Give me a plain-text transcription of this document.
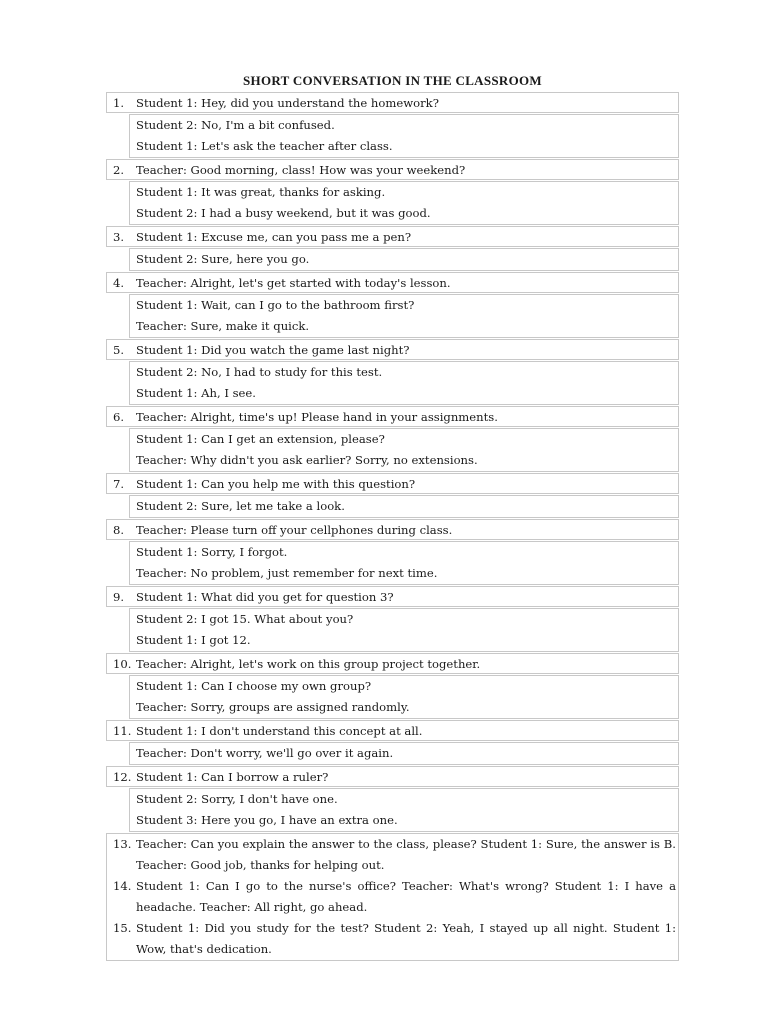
SHORT CONVERSATION IN THE CLASSROOM
1.	Student 1: Hey, did you understand the homework?
Student 2: No, I'm a bit confused.
Student 1: Let's ask the teacher after class.
2.	Teacher: Good morning, class! How was your weekend?
Student 1: It was great, thanks for asking.
Student 2: I had a busy weekend, but it was good.
3.	Student 1: Excuse me, can you pass me a pen?
Student 2: Sure, here you go.
4.	Teacher: Alright, let's get started with today's lesson.
Student 1: Wait, can I go to the bathroom first?
Teacher: Sure, make it quick.
5.	Student 1: Did you watch the game last night?
Student 2: No, I had to study for this test.
Student 1: Ah, I see.
6.	Teacher: Alright, time's up! Please hand in your assignments.
Student 1: Can I get an extension, please?
Teacher: Why didn't you ask earlier? Sorry, no extensions.
7.	Student 1: Can you help me with this question?
Student 2: Sure, let me take a look.
8.	Teacher: Please turn off your cellphones during class.
Student 1: Sorry, I forgot.
Teacher: No problem, just remember for next time.
9.	Student 1: What did you get for question 3?
Student 2: I got 15. What about you?
Student 1: I got 12.
10. Teacher: Alright, let's work on this group project together.
Student 1: Can I choose my own group?
Teacher: Sorry, groups are assigned randomly.
11. Student 1: I don't understand this concept at all.
Teacher: Don't worry, we'll go over it again.
12. Student 1: Can I borrow a ruler?
Student 2: Sorry, I don't have one.
Student 3: Here you go, I have an extra one.
13. Teacher: Can you explain the answer to the class, please? Student 1: Sure, the answer is B. Teacher: Good job, thanks for helping out.
14. Student 1: Can I go to the nurse's office? Teacher: What's wrong? Student 1: I have a headache. Teacher: All right, go ahead.
15. Student 1: Did you study for the test? Student 2: Yeah, I stayed up all night. Student 1: Wow, that's dedication.
